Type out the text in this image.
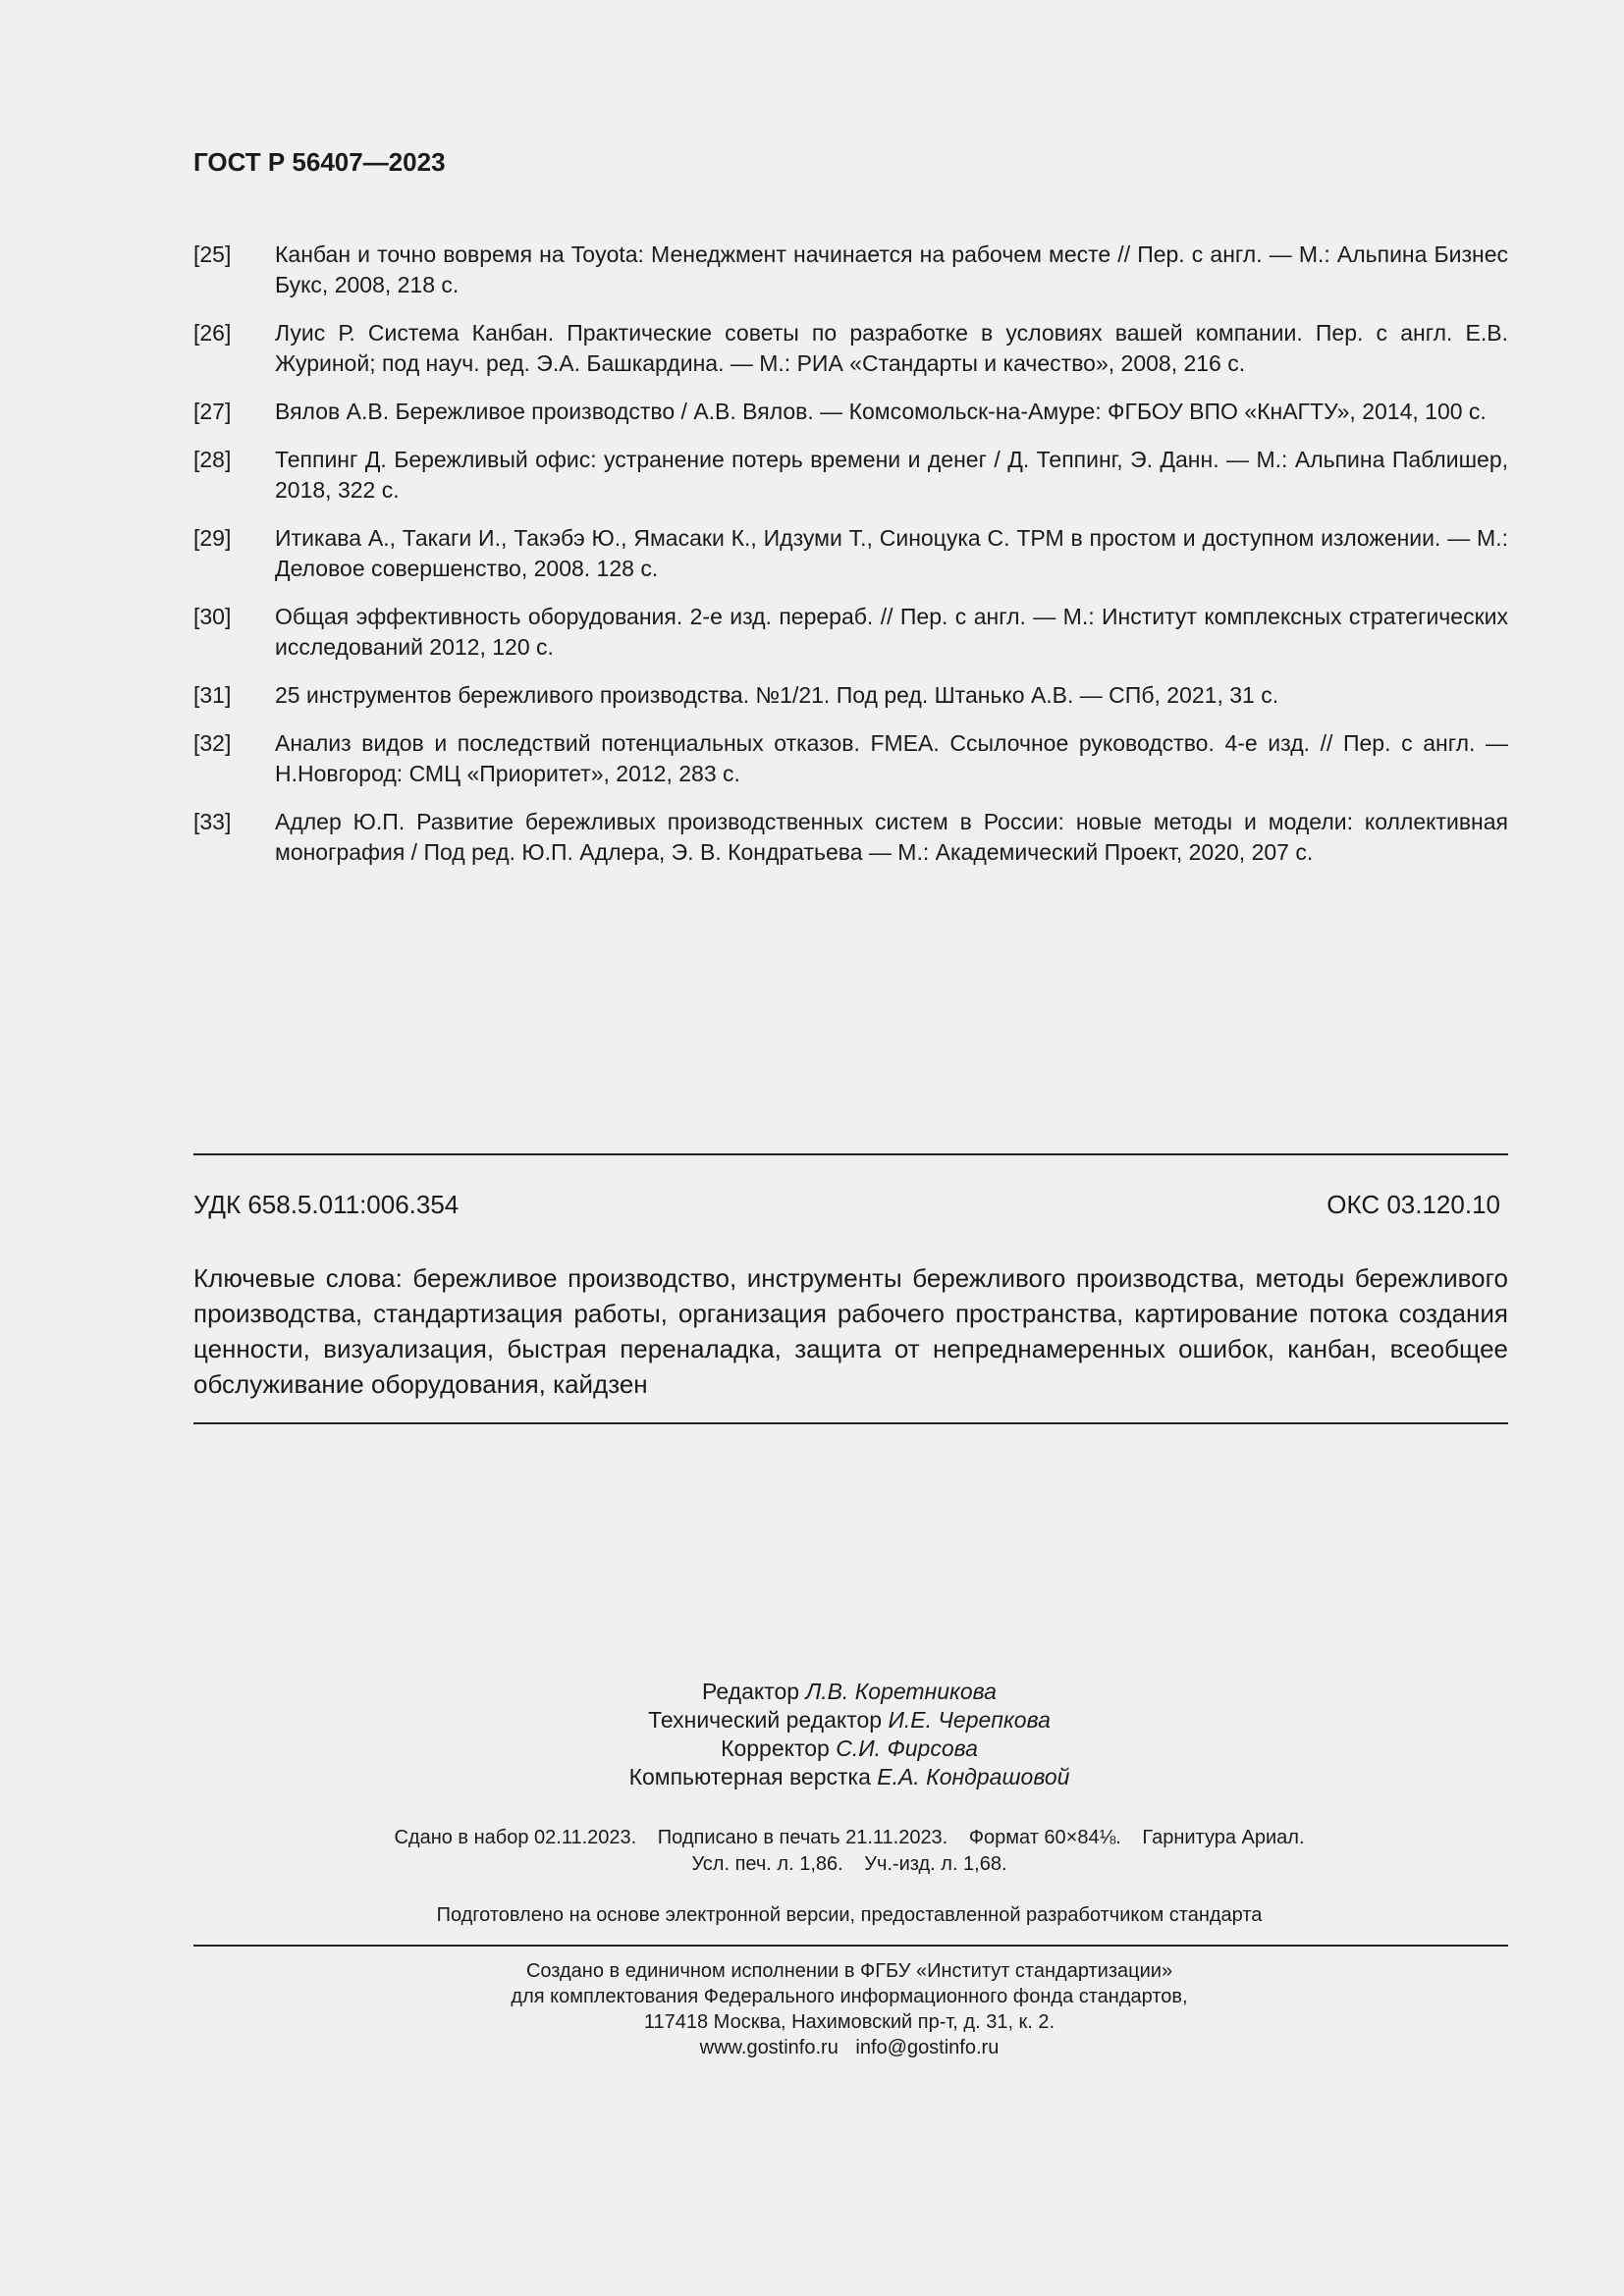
ГОСТ Р 56407—2023
[25]	Канбан и точно вовремя на Toyota: Менеджмент начинается на рабочем месте // Пер. с англ. — М.: Альпина Бизнес Букс, 2008, 218 с.
[26]	Луис Р. Система Канбан. Практические советы по разработке в условиях вашей компании. Пер. с англ. Е.В. Журиной; под науч. ред. Э.А. Башкардина. — М.: РИА «Стандарты и качество», 2008, 216 с.
[27]	Вялов А.В. Бережливое производство / А.В. Вялов. — Комсомольск-на-Амуре: ФГБОУ ВПО «КнАГТУ», 2014, 100 с.
[28]	Теппинг Д. Бережливый офис: устранение потерь времени и денег / Д. Теппинг, Э. Данн. — М.: Альпина Паблишер, 2018, 322 с.
[29]	Итикава А., Такаги И., Такэбэ Ю., Ямасаки К., Идзуми Т., Синоцука С. ТРМ в простом и доступном изложении. — М.: Деловое совершенство, 2008. 128 с.
[30]	Общая эффективность оборудования. 2-е изд. перераб. // Пер. с англ. — М.: Институт комплексных стратегических исследований 2012, 120 с.
[31]	25 инструментов бережливого производства. №1/21. Под ред. Штанько А.В. — СПб, 2021, 31 с.
[32]	Анализ видов и последствий потенциальных отказов. FMEA. Ссылочное руководство. 4-е изд. // Пер. с англ. — Н.Новгород: СМЦ «Приоритет», 2012, 283 с.
[33]	Адлер Ю.П. Развитие бережливых производственных систем в России: новые методы и модели: коллективная монография / Под ред. Ю.П. Адлера, Э. В. Кондратьева — М.: Академический Проект, 2020, 207 с.
УДК 658.5.011:006.354	ОКС 03.120.10
Ключевые слова: бережливое производство, инструменты бережливого производства, методы бережливого производства, стандартизация работы, организация рабочего пространства, картирование потока создания ценности, визуализация, быстрая переналадка, защита от непреднамеренных ошибок, канбан, всеобщее обслуживание оборудования, кайдзен
Редактор Л.В. Коретникова
Технический редактор И.Е. Черепкова
Корректор С.И. Фирсова
Компьютерная верстка Е.А. Кондрашовой
Сдано в набор 02.11.2023. Подписано в печать 21.11.2023. Формат 60×84⅛. Гарнитура Ариал.
Усл. печ. л. 1,86. Уч.-изд. л. 1,68.
Подготовлено на основе электронной версии, предоставленной разработчиком стандарта
Создано в единичном исполнении в ФГБУ «Институт стандартизации»
для комплектования Федерального информационного фонда стандартов,
117418 Москва, Нахимовский пр-т, д. 31, к. 2.
www.gostinfo.ru info@gostinfo.ru
